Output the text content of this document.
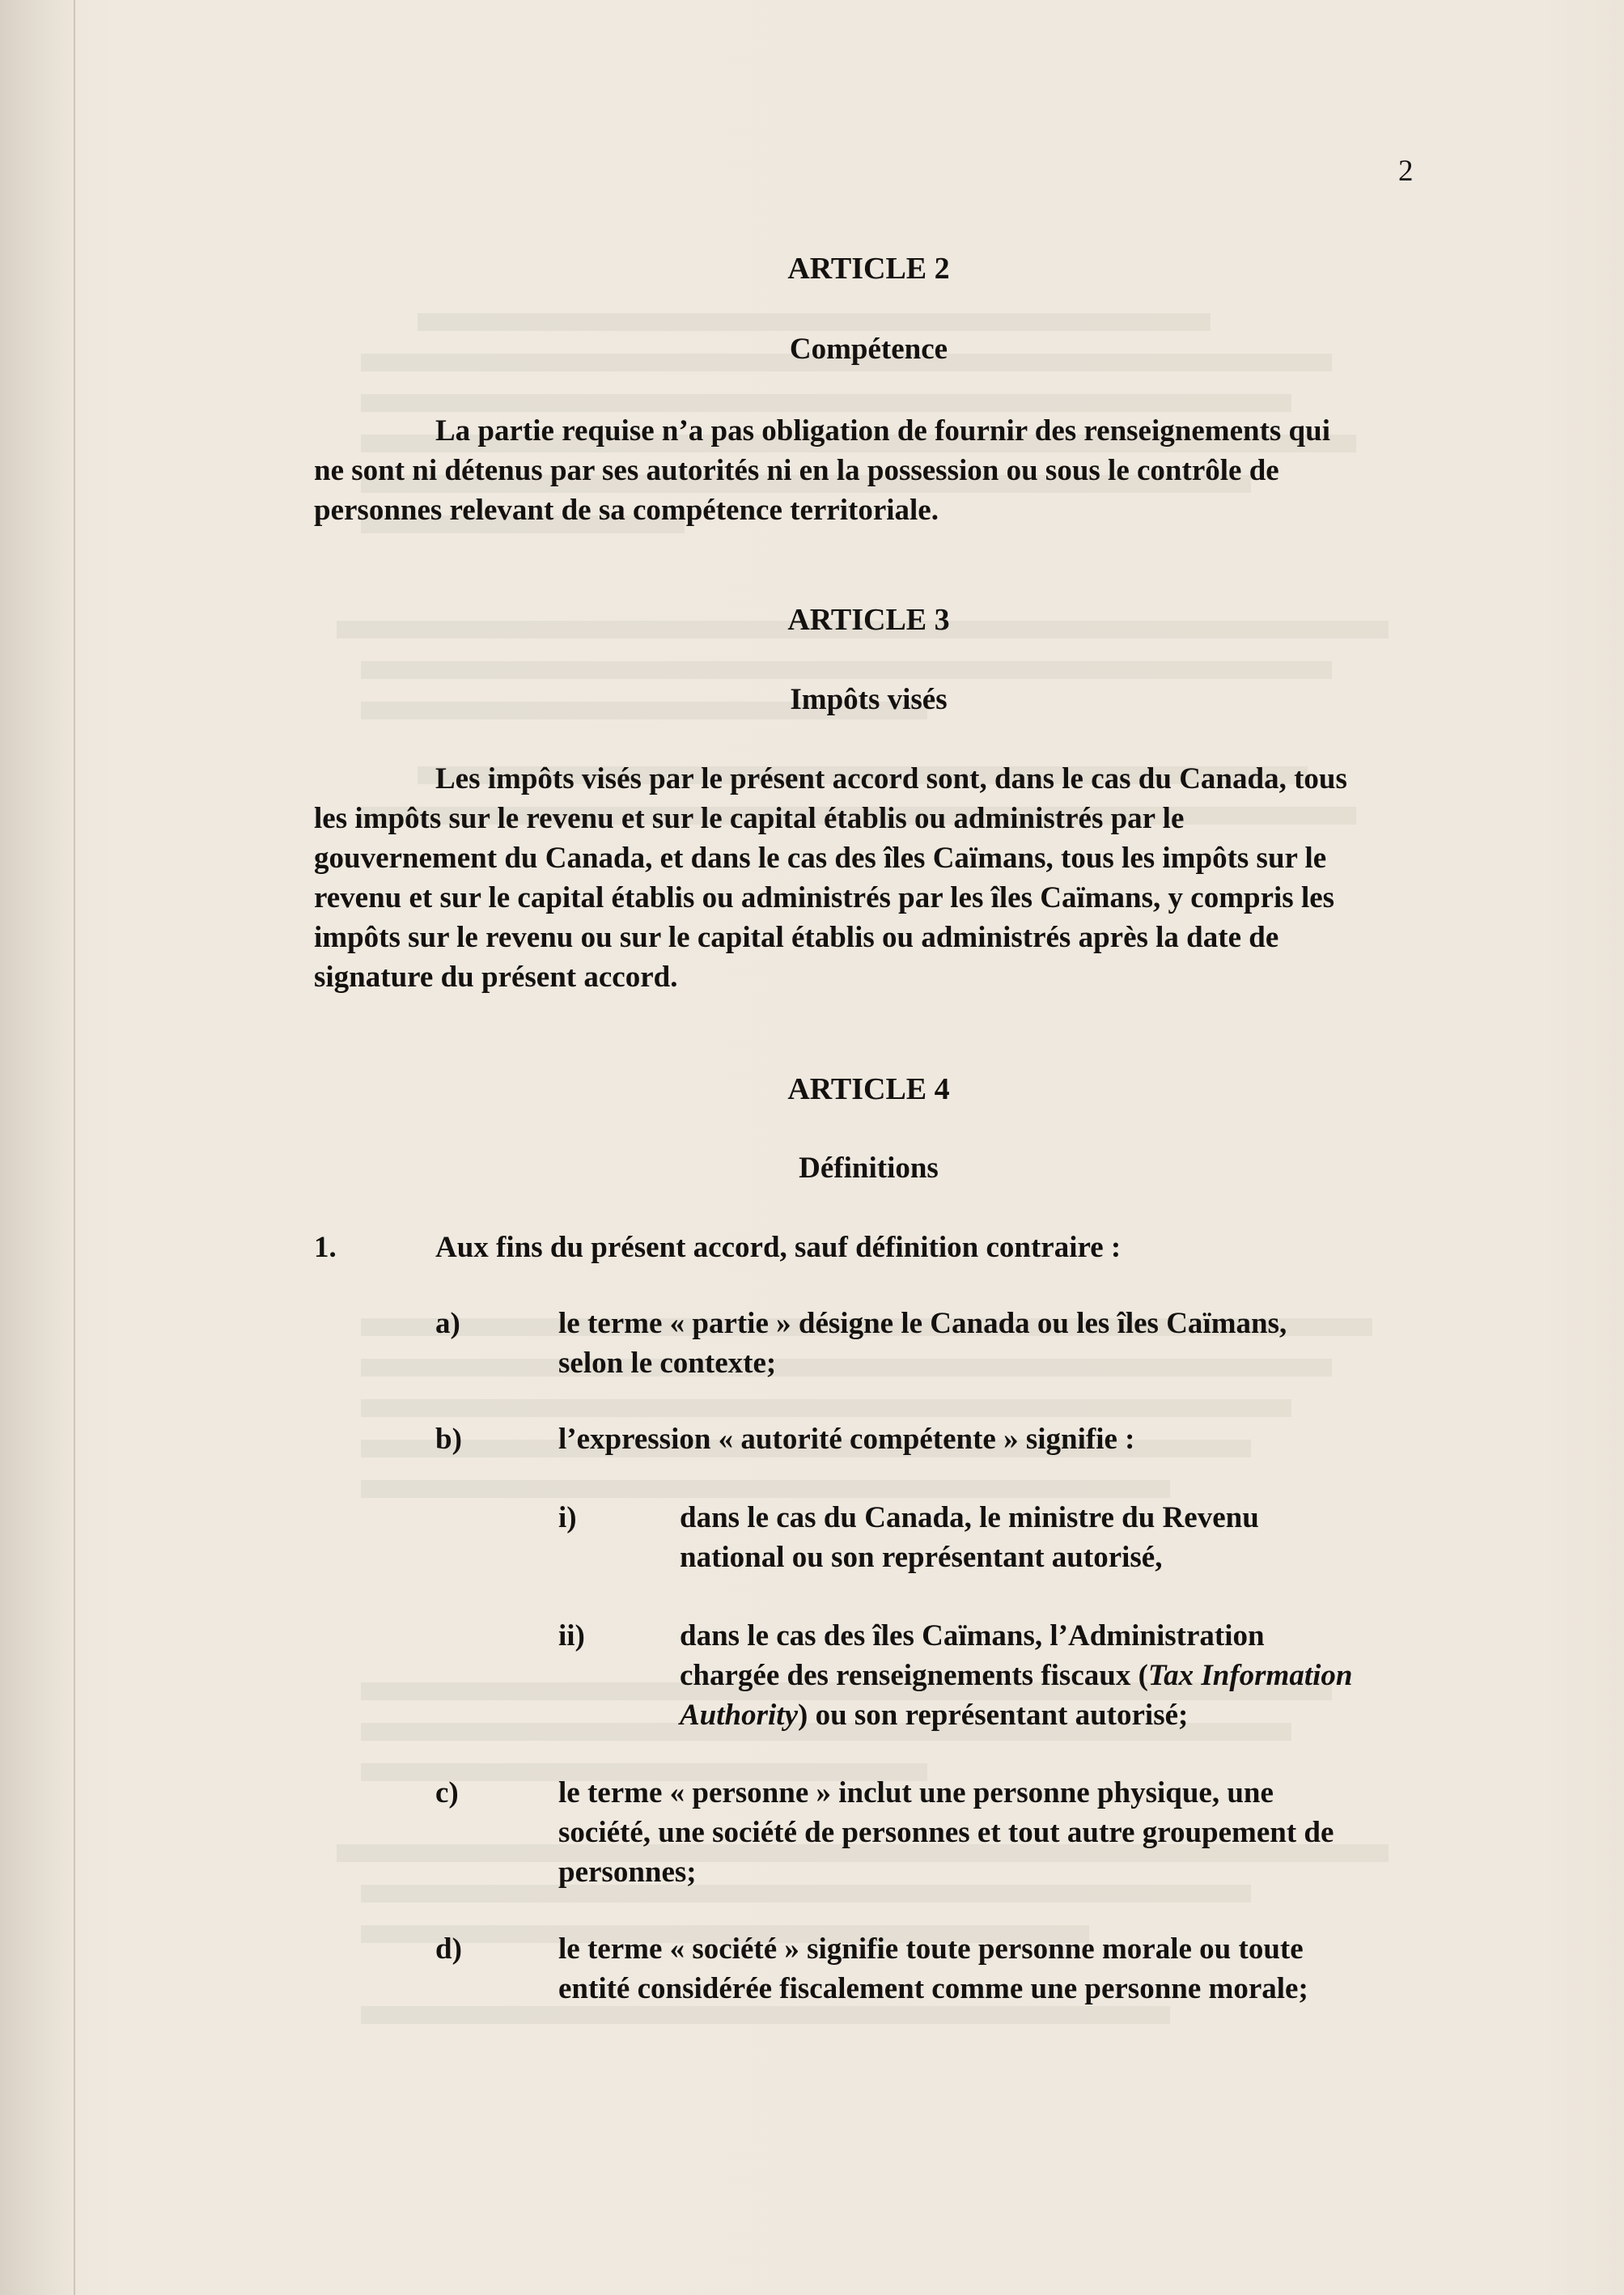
2
ARTICLE 2
Compétence
La partie requise n’a pas obligation de fournir des renseignements qui
ne sont ni détenus par ses autorités ni en la possession ou sous le contrôle de
personnes relevant de sa compétence territoriale.
ARTICLE 3
Impôts visés
Les impôts visés par le présent accord sont, dans le cas du Canada, tous
les impôts sur le revenu et sur le capital établis ou administrés par le
gouvernement du Canada, et dans le cas des îles Caïmans, tous les impôts sur le
revenu et sur le capital établis ou administrés par les îles Caïmans, y compris les
impôts sur le revenu ou sur le capital établis ou administrés après la date de
signature du présent accord.
ARTICLE 4
Définitions
1.	Aux fins du présent accord, sauf définition contraire :
a)	le terme « partie » désigne le Canada ou les îles Caïmans,
selon le contexte;
b)	l’expression « autorité compétente » signifie :
i)	dans le cas du Canada, le ministre du Revenu
national ou son représentant autorisé,
ii)	dans le cas des îles Caïmans, l’Administration
chargée des renseignements fiscaux (Tax Information
Authority) ou son représentant autorisé;
c)	le terme « personne » inclut une personne physique, une
société, une société de personnes et tout autre groupement de
personnes;
d)	le terme « société » signifie toute personne morale ou toute
entité considérée fiscalement comme une personne morale;
